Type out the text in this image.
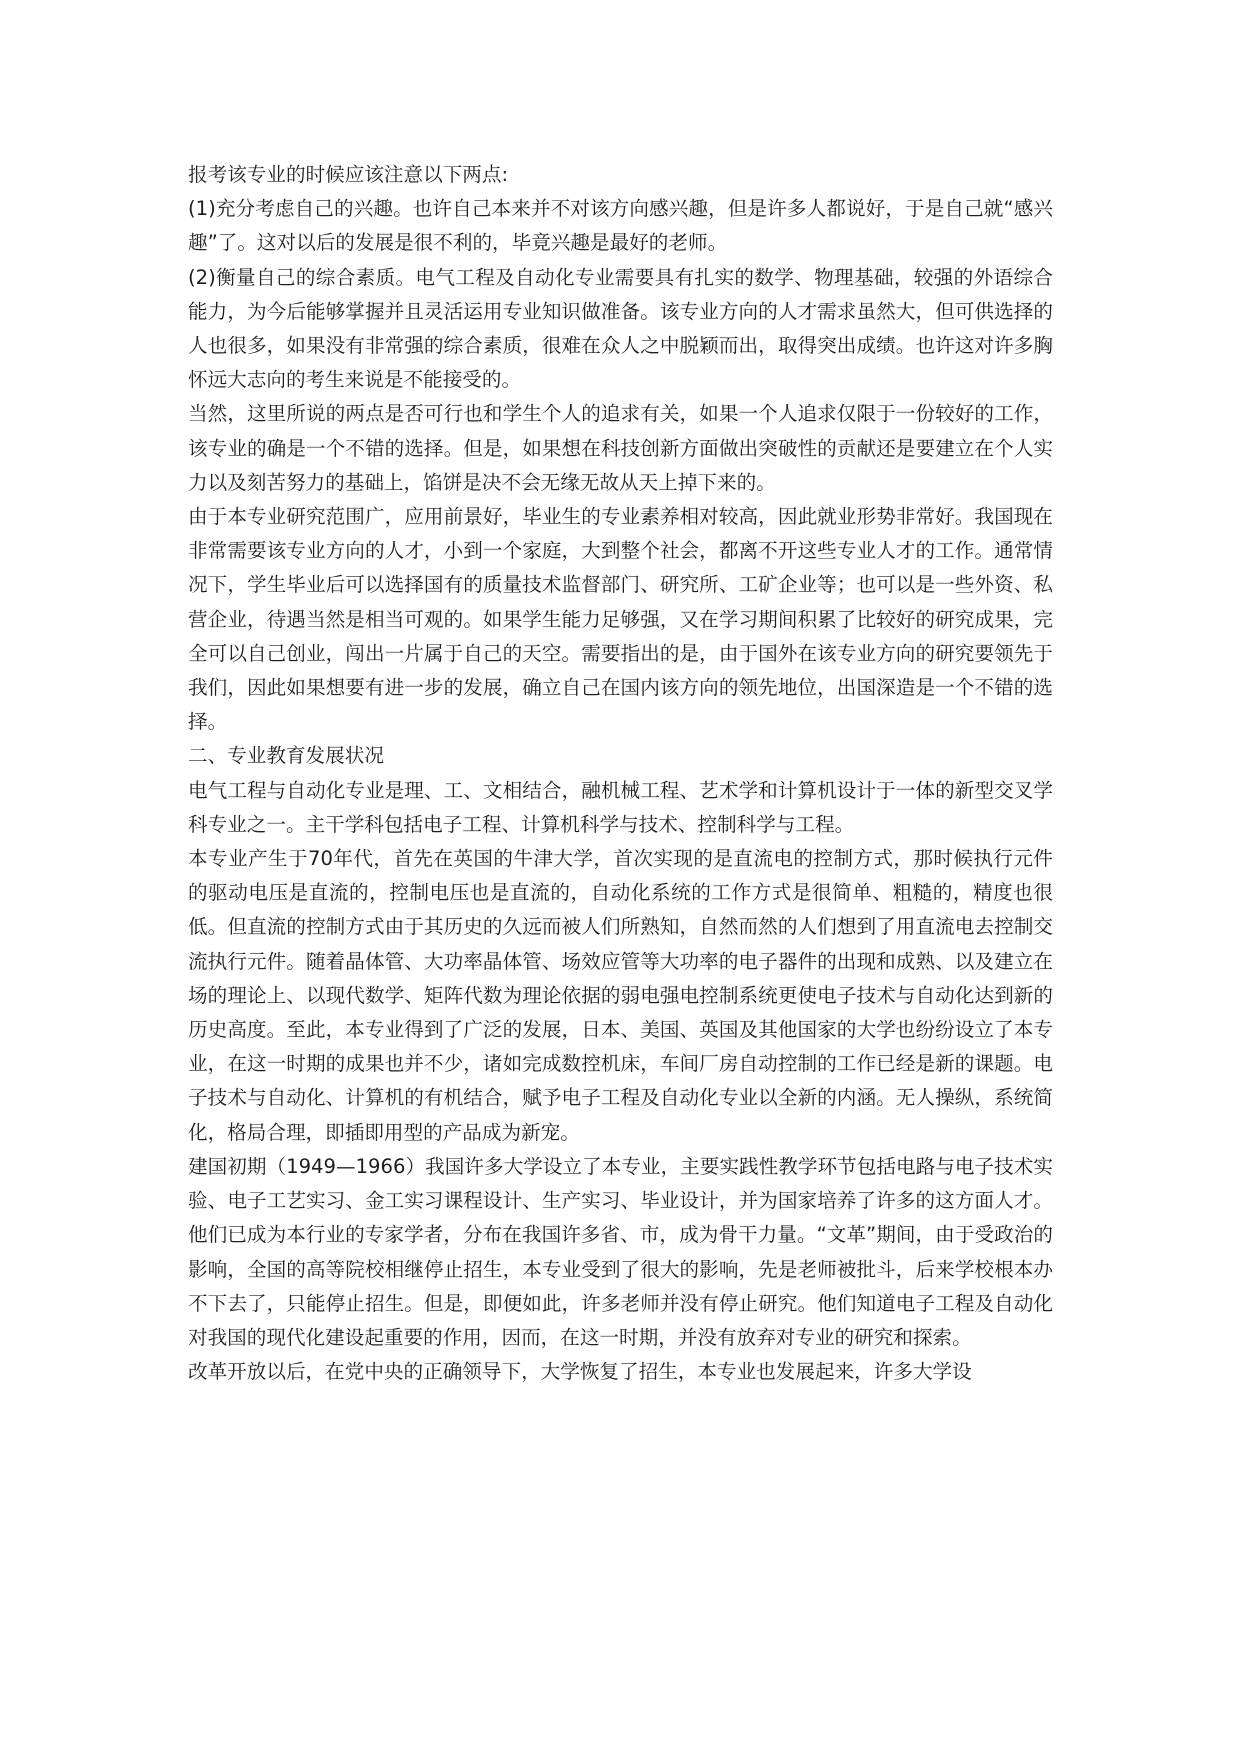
报考该专业的时候应该注意以下两点:

(1)充分考虑自己的兴趣。也许自己本来并不对该方向感兴趣，但是许多人都说好，于是自己就“感兴趣”了。这对以后的发展是很不利的，毕竟兴趣是最好的老师。

(2)衡量自己的综合素质。电气工程及自动化专业需要具有扎实的数学、物理基础，较强的外语综合能力，为今后能够掌握并且灵活运用专业知识做准备。该专业方向的人才需求虽然大，但可供选择的人也很多，如果没有非常强的综合素质，很难在众人之中脱颖而出，取得突出成绩。也许这对许多胸怀远大志向的考生来说是不能接受的。

当然，这里所说的两点是否可行也和学生个人的追求有关，如果一个人追求仅限于一份较好的工作，该专业的确是一个不错的选择。但是，如果想在科技创新方面做出突破性的贡献还是要建立在个人实力以及刻苦努力的基础上，馅饼是决不会无缘无故从天上掉下来的。

由于本专业研究范围广，应用前景好，毕业生的专业素养相对较高，因此就业形势非常好。我国现在非常需要该专业方向的人才，小到一个家庭，大到整个社会，都离不开这些专业人才的工作。通常情况下，学生毕业后可以选择国有的质量技术监督部门、研究所、工矿企业等；也可以是一些外资、私营企业，待遇当然是相当可观的。如果学生能力足够强，又在学习期间积累了比较好的研究成果，完全可以自己创业，闯出一片属于自己的天空。需要指出的是，由于国外在该专业方向的研究要领先于我们，因此如果想要有进一步的发展，确立自己在国内该方向的领先地位，出国深造是一个不错的选择。

二、专业教育发展状况

电气工程与自动化专业是理、工、文相结合，融机械工程、艺术学和计算机设计于一体的新型交叉学科专业之一。主干学科包括电子工程、计算机科学与技术、控制科学与工程。

本专业产生于70年代，首先在英国的牛津大学，首次实现的是直流电的控制方式，那时候执行元件的驱动电压是直流的，控制电压也是直流的，自动化系统的工作方式是很简单、粗糙的，精度也很低。但直流的控制方式由于其历史的久远而被人们所熟知，自然而然的人们想到了用直流电去控制交流执行元件。随着晶体管、大功率晶体管、场效应管等大功率的电子器件的出现和成熟、以及建立在场的理论上、以现代数学、矩阵代数为理论依据的弱电强电控制系统更使电子技术与自动化达到新的历史高度。至此，本专业得到了广泛的发展，日本、美国、英国及其他国家的大学也纷纷设立了本专业，在这一时期的成果也并不少，诸如完成数控机床，车间厂房自动控制的工作已经是新的课题。电子技术与自动化、计算机的有机结合，赋予电子工程及自动化专业以全新的内涵。无人操纵，系统简化，格局合理，即插即用型的产品成为新宠。

建国初期（1949—1966）我国许多大学设立了本专业，主要实践性教学环节包括电路与电子技术实验、电子工艺实习、金工实习课程设计、生产实习、毕业设计，并为国家培养了许多的这方面人才。他们已成为本行业的专家学者，分布在我国许多省、市，成为骨干力量。“文革”期间，由于受政治的影响，全国的高等院校相继停止招生，本专业受到了很大的影响，先是老师被批斗，后来学校根本办不下去了，只能停止招生。但是，即便如此，许多老师并没有停止研究。他们知道电子工程及自动化对我国的现代化建设起重要的作用，因而，在这一时期，并没有放弃对专业的研究和探索。

改革开放以后，在党中央的正确领导下，大学恢复了招生，本专业也发展起来，许多大学设
